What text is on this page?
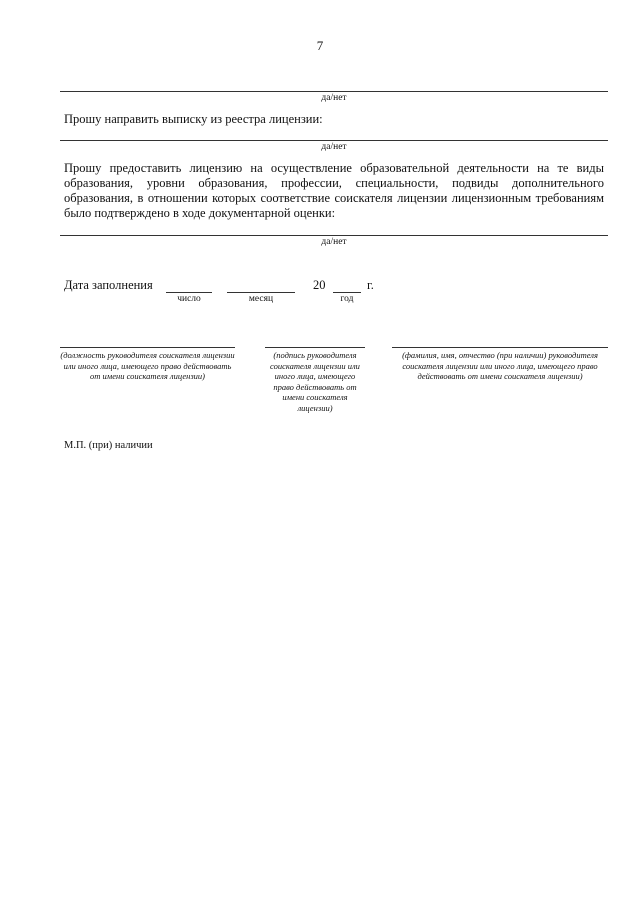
7
да/нет
Прошу направить выписку из реестра лицензии:
да/нет
Прошу предоставить лицензию на осуществление образовательной деятельности на те виды образования, уровни образования, профессии, специальности, подвиды дополнительного образования, в отношении которых соответствие соискателя лицензии лицензионным требованиям было подтверждено в ходе документарной оценки:
да/нет
Дата заполнения	20	г.
число	месяц	год
(должность руководителя соискателя лицензии или иного лица, имеющего право действовать от имени соискателя лицензии)
(подпись руководителя соискателя лицензии или иного лица, имеющего право действовать от имени соискателя лицензии)
(фамилия, имя, отчество (при наличии) руководителя соискателя лицензии или иного лица, имеющего право действовать от имени соискателя лицензии)
М.П. (при) наличии
